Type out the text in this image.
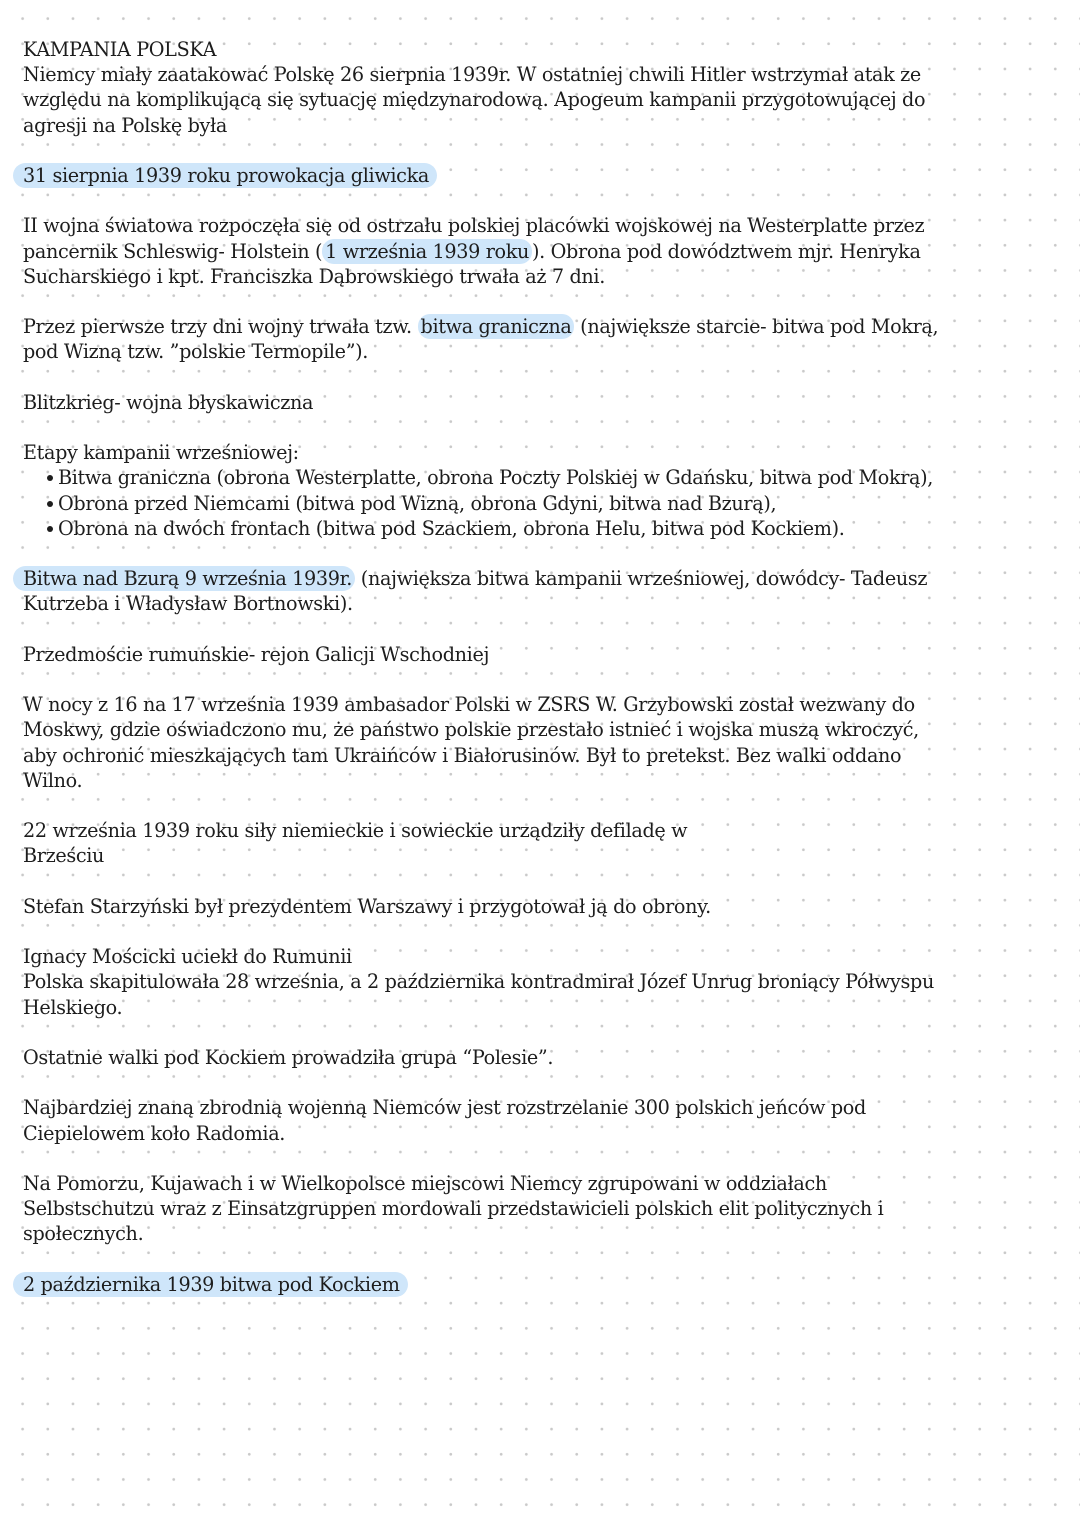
KAMPANIA POLSKA
Niemcy miały zaatakować Polskę 26 sierpnia 1939r. W ostatniej chwili Hitler wstrzymał atak ze
względu na komplikującą się sytuację międzynarodową. Apogeum kampanii przygotowującej do
agresji na Polskę była
31 sierpnia 1939 roku prowokacja gliwicka
II wojna światowa rozpoczęła się od ostrzału polskiej placówki wojskowej na Westerplatte przez
pancernik Schleswig- Holstein ( 1 września 1939 roku ). Obrona pod dowództwem mjr. Henryka
Sucharskiego i kpt. Franciszka Dąbrowskiego trwała aż 7 dni.
Przez pierwsze trzy dni wojny trwała tzw. bitwa graniczna (największe starcie- bitwa pod Mokrą,
pod Wizną tzw. ”polskie Termopile”).
Blitzkrieg- wojna błyskawiczna
Etapy kampanii wrześniowej:
Bitwa graniczna (obrona Westerplatte, obrona Poczty Polskiej w Gdańsku, bitwa pod Mokrą),
Obrona przed Niemcami (bitwa pod Wizną, obrona Gdyni, bitwa nad Bzurą),
Obrona na dwóch frontach (bitwa pod Szackiem, obrona Helu, bitwa pod Kockiem).
Bitwa nad Bzurą 9 września 1939r. (największa bitwa kampanii wrześniowej, dowódcy- Tadeusz
Kutrzeba i Władysław Bortnowski).
Przedmoście rumuńskie- rejon Galicji Wschodniej
W nocy z 16 na 17 września 1939 ambasador Polski w ZSRS W. Grzybowski został wezwany do
Moskwy, gdzie oświadczono mu, że państwo polskie przestało istnieć i wojska muszą wkroczyć,
aby ochronić mieszkających tam Ukraińców i Białorusinów. Był to pretekst. Bez walki oddano
Wilno.
22 września 1939 roku siły niemieckie i sowieckie urządziły defiladę w
Brześciu
Stefan Starzyński był prezydentem Warszawy i przygotował ją do obrony.
Ignacy Mościcki uciekł do Rumunii
Polska skapitulowała 28 września, a 2 października kontradmirał Józef Unrug broniący Półwyspu
Helskiego.
Ostatnie walki pod Kockiem prowadziła grupa “Polesie”.
Najbardziej znaną zbrodnią wojenną Niemców jest rozstrzelanie 300 polskich jeńców pod
Ciepielowem koło Radomia.
Na Pomorzu, Kujawach i w Wielkopolsce miejscowi Niemcy zgrupowani w oddziałach
Selbstschutzu wraz z Einsatzgruppen mordowali przedstawicieli polskich elit politycznych i
społecznych.
2 października 1939 bitwa pod Kockiem
